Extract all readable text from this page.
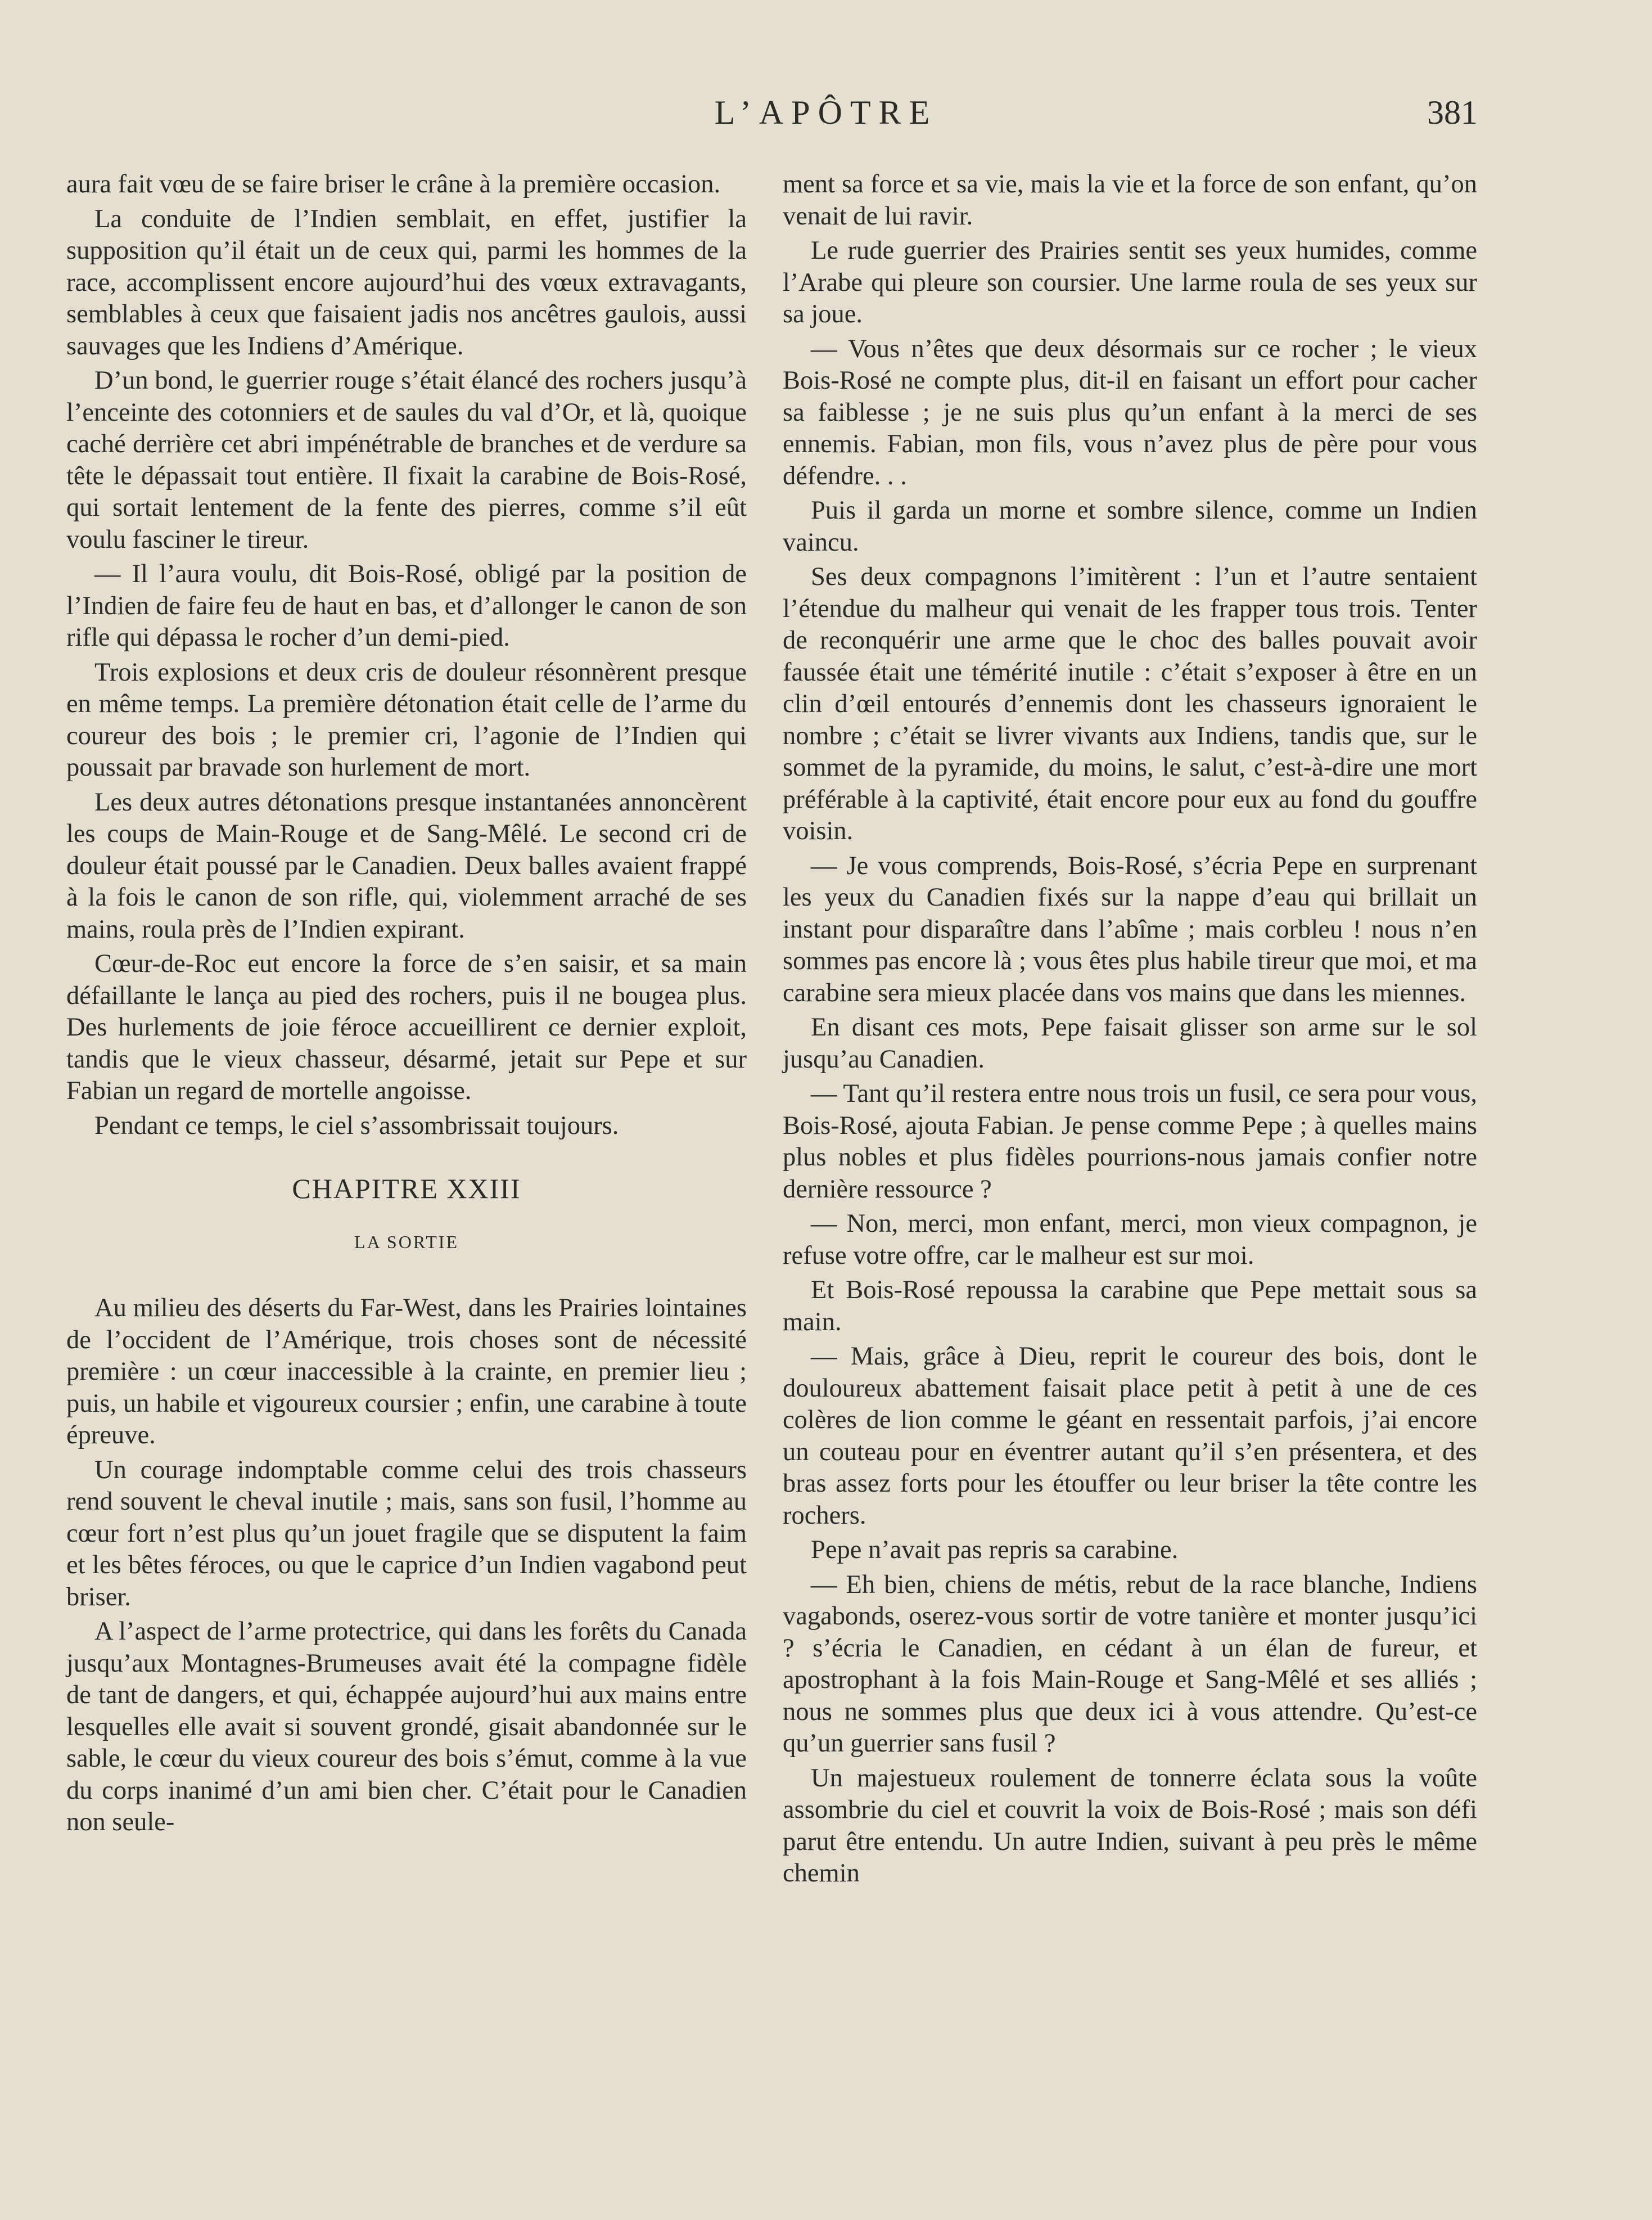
L’APÔTRE	381

aura fait vœu de se faire briser le crâne à la première occasion.

La conduite de l’Indien semblait, en effet, justifier la supposition qu’il était un de ceux qui, parmi les hommes de la race, accomplissent encore aujourd’hui des vœux extravagants, semblables à ceux que faisaient jadis nos ancêtres gaulois, aussi sauvages que les Indiens d’Amérique.

D’un bond, le guerrier rouge s’était élancé des rochers jusqu’à l’enceinte des cotonniers et de saules du val d’Or, et là, quoique caché derrière cet abri impénétrable de branches et de verdure sa tête le dépassait tout entière. Il fixait la carabine de Bois-Rosé, qui sortait lentement de la fente des pierres, comme s’il eût voulu fasciner le tireur.

— Il l’aura voulu, dit Bois-Rosé, obligé par la position de l’Indien de faire feu de haut en bas, et d’allonger le canon de son rifle qui dépassa le rocher d’un demi-pied.

Trois explosions et deux cris de douleur résonnèrent presque en même temps. La première détonation était celle de l’arme du coureur des bois ; le premier cri, l’agonie de l’Indien qui poussait par bravade son hurlement de mort.

Les deux autres détonations presque instantanées annoncèrent les coups de Main-Rouge et de Sang-Mêlé. Le second cri de douleur était poussé par le Canadien. Deux balles avaient frappé à la fois le canon de son rifle, qui, violemment arraché de ses mains, roula près de l’Indien expirant.

Cœur-de-Roc eut encore la force de s’en saisir, et sa main défaillante le lança au pied des rochers, puis il ne bougea plus. Des hurlements de joie féroce accueillirent ce dernier exploit, tandis que le vieux chasseur, désarmé, jetait sur Pepe et sur Fabian un regard de mortelle angoisse.

Pendant ce temps, le ciel s’assombrissait toujours.

CHAPITRE XXIII
LA SORTIE

Au milieu des déserts du Far-West, dans les Prairies lointaines de l’occident de l’Amérique, trois choses sont de nécessité première : un cœur inaccessible à la crainte, en premier lieu ; puis, un habile et vigoureux coursier ; enfin, une carabine à toute épreuve.

Un courage indomptable comme celui des trois chasseurs rend souvent le cheval inutile ; mais, sans son fusil, l’homme au cœur fort n’est plus qu’un jouet fragile que se disputent la faim et les bêtes féroces, ou que le caprice d’un Indien vagabond peut briser.

A l’aspect de l’arme protectrice, qui dans les forêts du Canada jusqu’aux Montagnes-Brumeuses avait été la compagne fidèle de tant de dangers, et qui, échappée aujourd’hui aux mains entre lesquelles elle avait si souvent grondé, gisait abandonnée sur le sable, le cœur du vieux coureur des bois s’émut, comme à la vue du corps inanimé d’un ami bien cher. C’était pour le Canadien non seule-

ment sa force et sa vie, mais la vie et la force de son enfant, qu’on venait de lui ravir.

Le rude guerrier des Prairies sentit ses yeux humides, comme l’Arabe qui pleure son coursier. Une larme roula de ses yeux sur sa joue.

— Vous n’êtes que deux désormais sur ce rocher ; le vieux Bois-Rosé ne compte plus, dit-il en faisant un effort pour cacher sa faiblesse ; je ne suis plus qu’un enfant à la merci de ses ennemis. Fabian, mon fils, vous n’avez plus de père pour vous défendre. . .

Puis il garda un morne et sombre silence, comme un Indien vaincu.

Ses deux compagnons l’imitèrent : l’un et l’autre sentaient l’étendue du malheur qui venait de les frapper tous trois. Tenter de reconquérir une arme que le choc des balles pouvait avoir faussée était une témérité inutile : c’était s’exposer à être en un clin d’œil entourés d’ennemis dont les chasseurs ignoraient le nombre ; c’était se livrer vivants aux Indiens, tandis que, sur le sommet de la pyramide, du moins, le salut, c’est-à-dire une mort préférable à la captivité, était encore pour eux au fond du gouffre voisin.

— Je vous comprends, Bois-Rosé, s’écria Pepe en surprenant les yeux du Canadien fixés sur la nappe d’eau qui brillait un instant pour disparaître dans l’abîme ; mais corbleu ! nous n’en sommes pas encore là ; vous êtes plus habile tireur que moi, et ma carabine sera mieux placée dans vos mains que dans les miennes.

En disant ces mots, Pepe faisait glisser son arme sur le sol jusqu’au Canadien.

— Tant qu’il restera entre nous trois un fusil, ce sera pour vous, Bois-Rosé, ajouta Fabian. Je pense comme Pepe ; à quelles mains plus nobles et plus fidèles pourrions-nous jamais confier notre dernière ressource ?

— Non, merci, mon enfant, merci, mon vieux compagnon, je refuse votre offre, car le malheur est sur moi.

Et Bois-Rosé repoussa la carabine que Pepe mettait sous sa main.

— Mais, grâce à Dieu, reprit le coureur des bois, dont le douloureux abattement faisait place petit à petit à une de ces colères de lion comme le géant en ressentait parfois, j’ai encore un couteau pour en éventrer autant qu’il s’en présentera, et des bras assez forts pour les étouffer ou leur briser la tête contre les rochers.

Pepe n’avait pas repris sa carabine.

— Eh bien, chiens de métis, rebut de la race blanche, Indiens vagabonds, oserez-vous sortir de votre tanière et monter jusqu’ici ? s’écria le Canadien, en cédant à un élan de fureur, et apostrophant à la fois Main-Rouge et Sang-Mêlé et ses alliés ; nous ne sommes plus que deux ici à vous attendre. Qu’est-ce qu’un guerrier sans fusil ?

Un majestueux roulement de tonnerre éclata sous la voûte assombrie du ciel et couvrit la voix de Bois-Rosé ; mais son défi parut être entendu. Un autre Indien, suivant à peu près le même chemin
